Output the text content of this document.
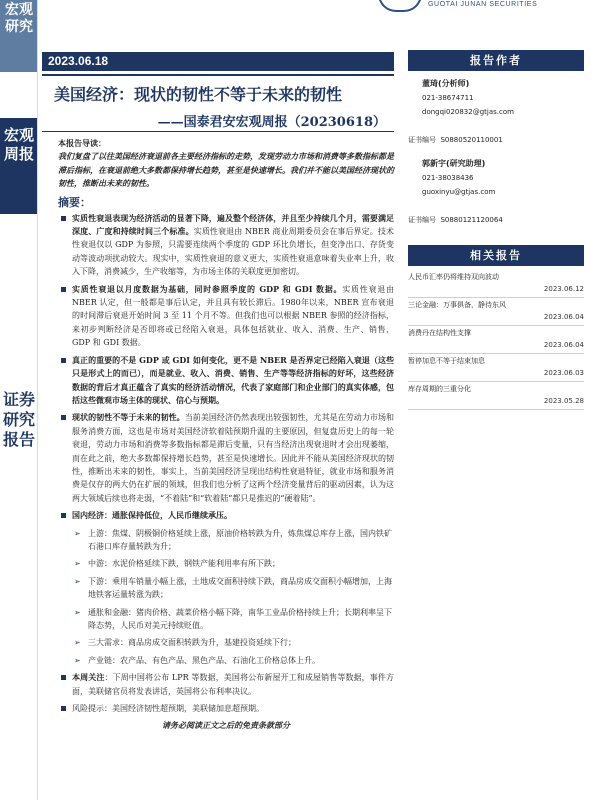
宏观研究
宏观周报
证券研究报告
GUOTAI JUNAN SECURITIES
2023.06.18
美国经济：现状的韧性不等于未来的韧性
——国泰君安宏观周报（20230618）
本报告导读：
我们复盘了以往美国经济衰退前各主要经济指标的走势，发现劳动力市场和消费等多数指标都是滞后指标，在衰退前绝大多数都保持增长趋势，甚至是快速增长。我们并不能以美国经济现状的韧性，推断出未来的韧性。
摘要：
实质性衰退表现为经济活动的显著下降，遍及整个经济体，并且至少持续几个月，需要满足深度、广度和持续时间三个标准。实质性衰退由 NBER 商业周期委员会在事后界定。技术性衰退仅以 GDP 为参照，只需要连续两个季度的 GDP 环比负增长，但变净出口、存货变动等波动项扰动较大。现实中，实质性衰退的意义更大，实质性衰退意味着失业率上升，收入下降，消费减少，生产收缩等，为市场主体的关联度更加密切。
实质性衰退以月度数据为基础，同时参照季度的 GDP 和 GDI 数据。实质性衰退由 NBER 认定，但一般都是事后认定，并且具有较长滞后。1980年以来，NBER 宣布衰退的时间滞后衰退开始时间 3 至 11 个月不等。但我们也可以根据 NBER 参照的经济指标，来初步判断经济是否即将或已经陷入衰退，具体包括就业、收入、消费、生产、销售，GDP 和 GDI 数据。
真正的重要的不是 GDP 或 GDI 如何变化，更不是 NBER 是否界定已经陷入衰退（这些只是形式上的而已），而是就业、收入、消费、销售、生产等等经济指标的好坏，这些经济数据的背后才真正蕴含了真实的经济活动情况，代表了家庭部门和企业部门的真实体感，包括这些微观市场主体的现状、信心与预期。
现状的韧性不等于未来的韧性。当前美国经济仍然表现出较强韧性，尤其是在劳动力市场和服务消费方面，这也是市场对美国经济软着陆预期升温的主要原因，但复盘历史上的每一轮衰退，劳动力市场和消费等多数指标都是滞后变量，只有当经济出现衰退时才会出现萎缩，而在此之前，绝大多数都保持增长趋势，甚至是快速增长。因此并不能从美国经济现状的韧性，推断出未来的韧性，事实上，当前美国经济呈现出结构性衰退特征，就业市场和服务消费是仅存的两大仍在扩展的领域，但我们也分析了这两个经济变量背后的驱动因素，认为这两大领域后续也将走弱，“不着陆”和“软着陆”都只是推迟的“硬着陆”。
国内经济：通胀保持低位，人民币继续承压。
➢ 上游：焦煤、阴极铜价格延续上涨，原油价格转跌为升，炼焦煤总库存上涨，国内铁矿石港口库存量转跌为升；
➢ 中游：水泥价格延续下跌，钢铁产能利用率有所下跌；
➢ 下游：乘用车销量小幅上涨，土地成交面积持续下跌，商品房成交面积小幅增加，上海地铁客运量转涨为跌；
➢ 通胀和金融：猪肉价格、蔬菜价格小幅下降，南华工业品价格持续上升；长期利率呈下降态势，人民币对美元持续贬值。
➢ 三大需求：商品房成交面积转跌为升，基建投资延续下行；
➢ 产业链：农产品、有色产品、黑色产品、石油化工价格总体上升。
本周关注：下周中国将公布 LPR 等数据，美国将公布新屋开工和成屋销售等数据，事件方面，美联储官员将发表讲话，英国将公布利率决议。
风险提示：美国经济韧性超预期，美联储加息超预期。
请务必阅读正文之后的免责条款部分
报告作者
董琦(分析师)
021-38674711
dongqi020832@gtjas.com
证书编号 S0880520110001
郭新宇(研究助理)
021-38038436
guoxinyu@gtjas.com
证书编号 S0880121120064
相关报告
人民币汇率仍将维持双向波动
2023.06.12
三论金融：万事俱备，静待东风
2023.06.04
消费丹在结构性支撑
2023.06.04
暂停加息不等于结束加息
2023.06.03
库存周期的三重分化
2023.05.28
